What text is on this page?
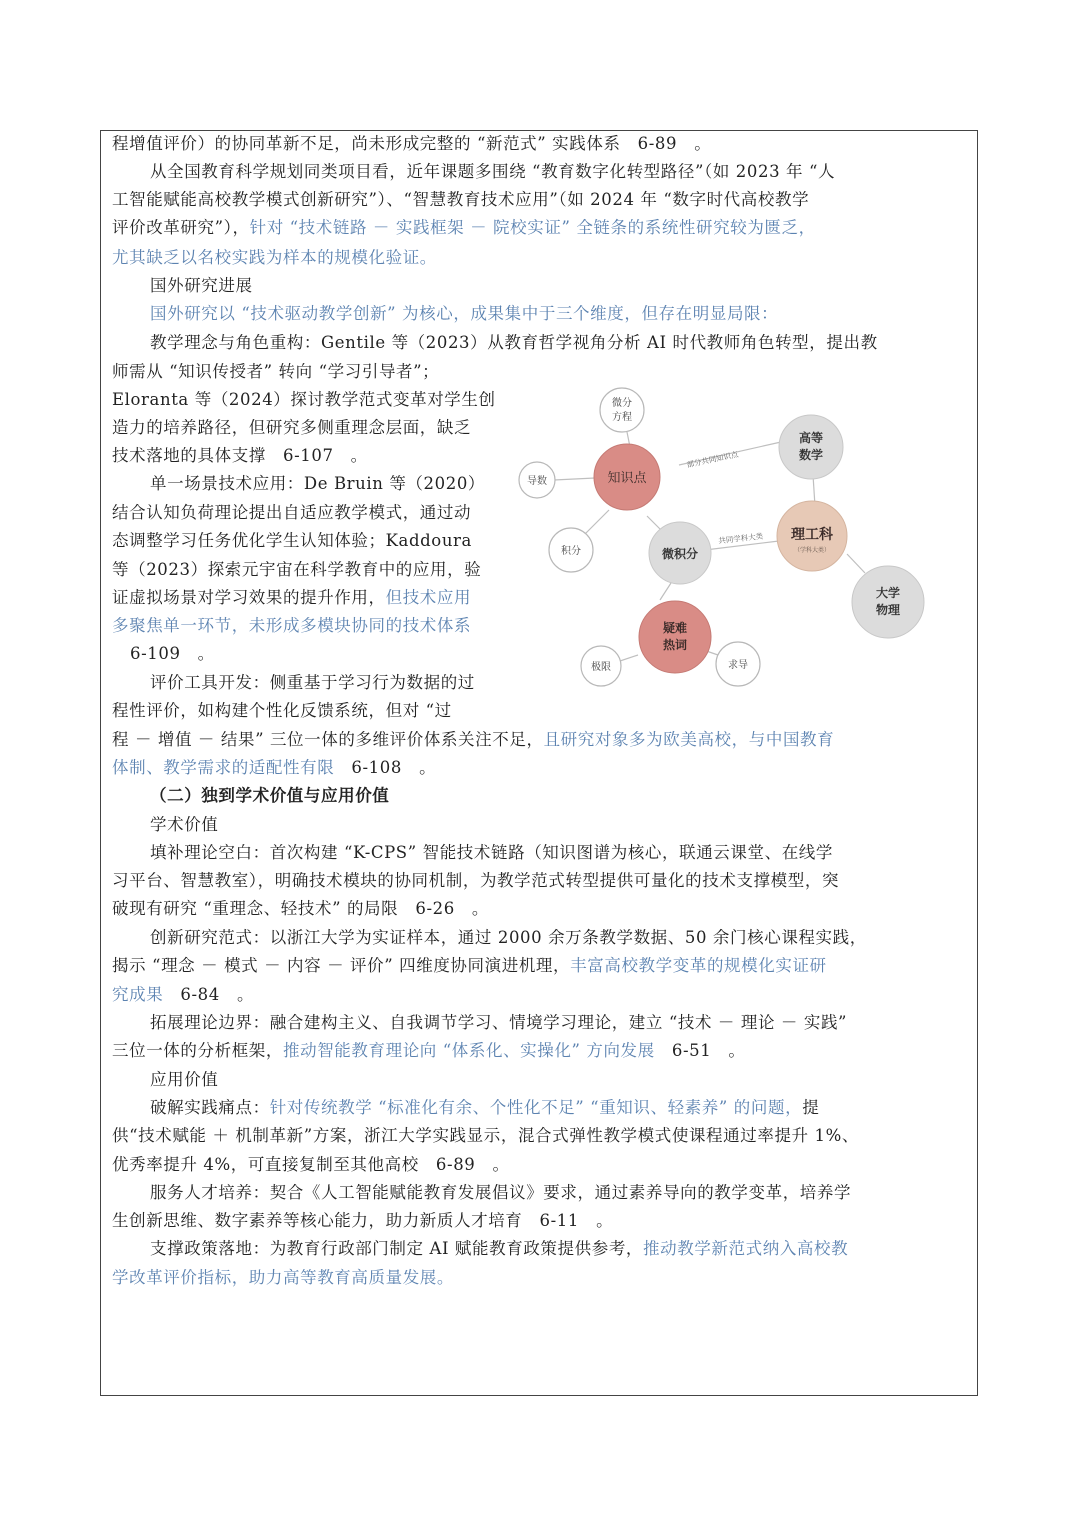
程增值评价）的协同革新不足，尚未形成完整的 “新范式” 实践体系　6-89　。
从全国教育科学规划同类项目看，近年课题多围绕 “教育数字化转型路径”（如 2023 年 “人
工智能赋能高校教学模式创新研究”）、“智慧教育技术应用”（如 2024 年 “数字时代高校教学
评价改革研究”），针对 “技术链路 － 实践框架 － 院校实证” 全链条的系统性研究较为匮乏，
尤其缺乏以名校实践为样本的规模化验证。
国外研究进展
国外研究以 “技术驱动教学创新” 为核心，成果集中于三个维度，但存在明显局限：
教学理念与角色重构：Gentile 等（2023）从教育哲学视角分析 AI 时代教师角色转型，提出教
师需从 “知识传授者” 转向 “学习引导者”；
Eloranta 等（2024）探讨教学范式变革对学生创
造力的培养路径，但研究多侧重理念层面，缺乏
技术落地的具体支撑　6-107　。
单一场景技术应用：De Bruin 等（2020）
结合认知负荷理论提出自适应教学模式，通过动
态调整学习任务优化学生认知体验；Kaddoura
等（2023）探索元宇宙在科学教育中的应用，验
证虚拟场景对学习效果的提升作用，但技术应用
多聚焦单一环节，未形成多模块协同的技术体系
6-109　。
评价工具开发：侧重基于学习行为数据的过
程性评价，如构建个性化反馈系统，但对 “过
程 － 增值 － 结果” 三位一体的多维评价体系关注不足，且研究对象多为欧美高校，与中国教育
体制、教学需求的适配性有限　6-108　。
（二）独到学术价值与应用价值
学术价值
填补理论空白：首次构建 “K-CPS” 智能技术链路（知识图谱为核心，联通云课堂、在线学
习平台、智慧教室），明确技术模块的协同机制，为教学范式转型提供可量化的技术支撑模型，突
破现有研究 “重理念、轻技术” 的局限　6-26　。
创新研究范式：以浙江大学为实证样本，通过 2000 余万条教学数据、50 余门核心课程实践，
揭示 “理念 － 模式 － 内容 － 评价” 四维度协同演进机理，丰富高校教学变革的规模化实证研
究成果　6-84　。
拓展理论边界：融合建构主义、自我调节学习、情境学习理论，建立 “技术 － 理论 － 实践”
三位一体的分析框架，推动智能教育理论向 “体系化、实操化” 方向发展　6-51　。
应用价值
破解实践痛点：针对传统教学 “标准化有余、个性化不足” “重知识、轻素养” 的问题，提
供“技术赋能 ＋ 机制革新”方案，浙江大学实践显示，混合式弹性教学模式使课程通过率提升 1%、
优秀率提升 4%，可直接复制至其他高校　6-89　。
服务人才培养：契合《人工智能赋能教育发展倡议》要求，通过素养导向的教学变革，培养学
生创新思维、数字素养等核心能力，助力新质人才培育　6-11　。
支撑政策落地：为教育行政部门制定 AI 赋能教育政策提供参考，推动教学新范式纳入高校教
学改革评价指标，助力高等教育高质量发展。
部分共同知识点
共同学科大类
微分
方程
导数	知识点
高等
数学
积分	微积分
理工科
（学科大类）
大学
物理
疑难
热词
极限	求导
